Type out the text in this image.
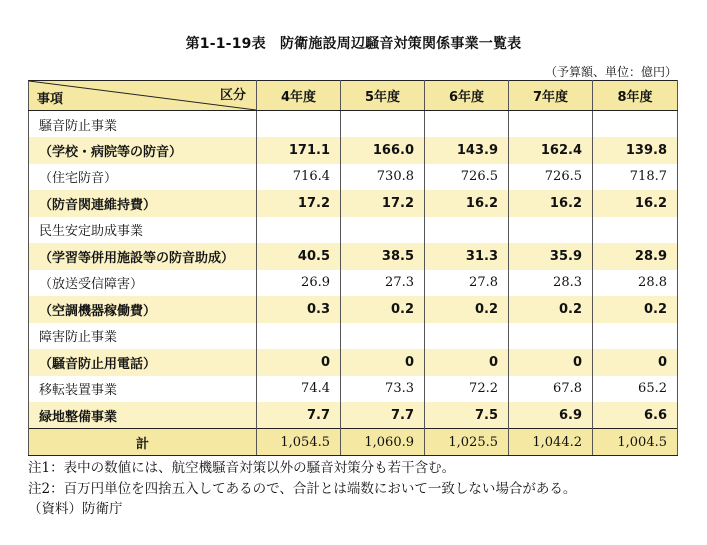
第1-1-19表　防衛施設周辺騒音対策関係事業一覧表
（予算額、単位：億円）
区分
事項	4年度	5年度	6年度	7年度	8年度
騒音防止事業					
（学校・病院等の防音）	171.1	166.0	143.9	162.4	139.8
（住宅防音）	716.4	730.8	726.5	726.5	718.7
（防音関連維持費）	17.2	17.2	16.2	16.2	16.2
民生安定助成事業					
（学習等併用施設等の防音助成）	40.5	38.5	31.3	35.9	28.9
（放送受信障害）	26.9	27.3	27.8	28.3	28.8
（空調機器稼働費）	0.3	0.2	0.2	0.2	0.2
障害防止事業					
（騒音防止用電話）	0	0	0	0	0
移転装置事業	74.4	73.3	72.2	67.8	65.2
緑地整備事業	7.7	7.7	7.5	6.9	6.6
計	1,054.5	1,060.9	1,025.5	1,044.2	1,004.5
注1：表中の数値には、航空機騒音対策以外の騒音対策分も若干含む。
注2：百万円単位を四捨五入してあるので、合計とは端数において一致しない場合がある。
（資料）防衛庁
